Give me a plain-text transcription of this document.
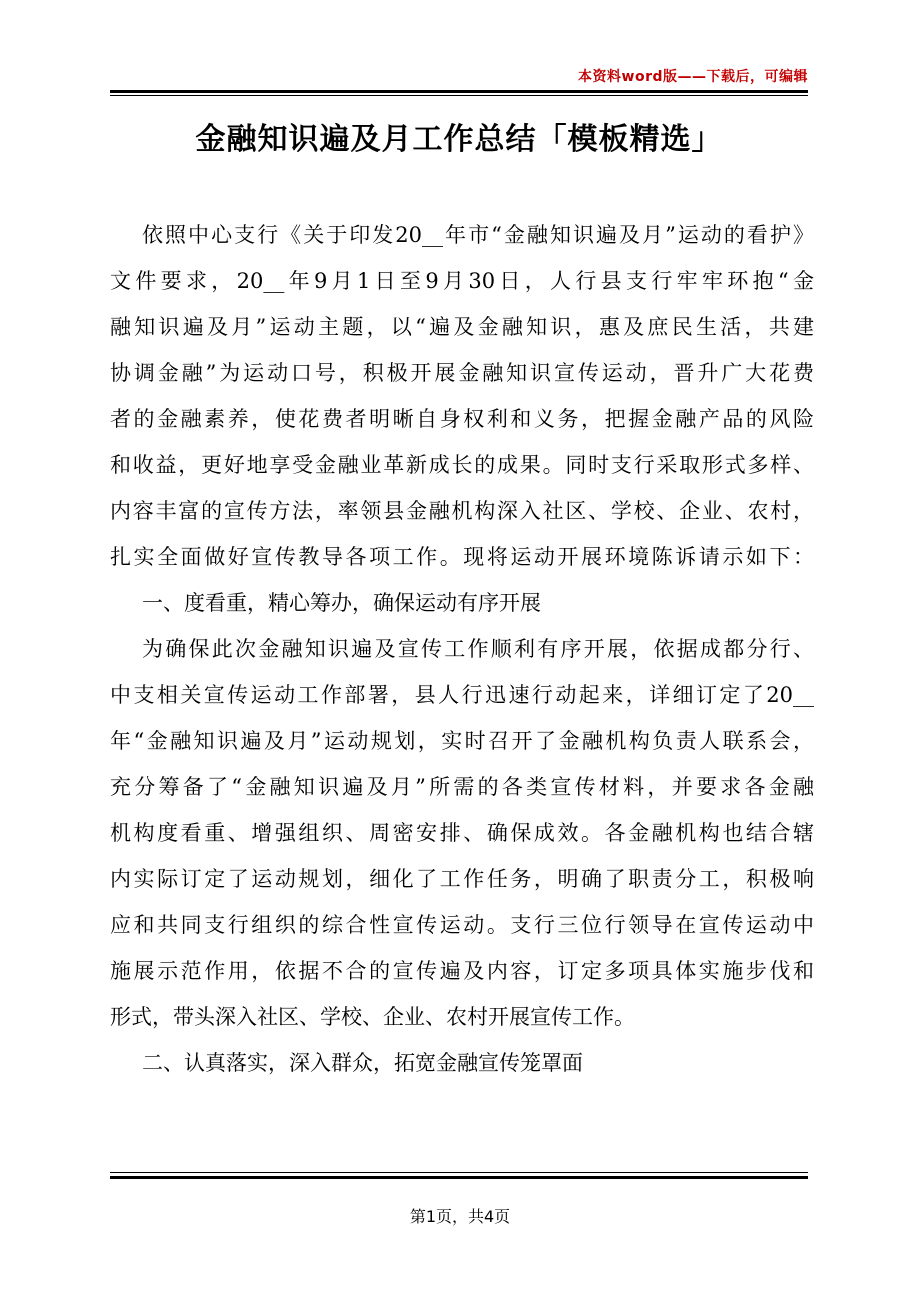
本资料word版——下载后，可编辑
金融知识遍及月工作总结「模板精选」
依照中心支行《关于印发20__年市“金融知识遍及月”运动的看护》
文件要求，20__年9月1日至9月30日，人行县支行牢牢环抱“金
融知识遍及月”运动主题，以“遍及金融知识，惠及庶民生活，共建
协调金融”为运动口号，积极开展金融知识宣传运动，晋升广大花费
者的金融素养，使花费者明晰自身权利和义务，把握金融产品的风险
和收益，更好地享受金融业革新成长的成果。同时支行采取形式多样、
内容丰富的宣传方法，率领县金融机构深入社区、学校、企业、农村，
扎实全面做好宣传教导各项工作。现将运动开展环境陈诉请示如下：
一、度看重，精心筹办，确保运动有序开展
为确保此次金融知识遍及宣传工作顺利有序开展，依据成都分行、
中支相关宣传运动工作部署，县人行迅速行动起来，详细订定了20__
年“金融知识遍及月”运动规划，实时召开了金融机构负责人联系会，
充分筹备了“金融知识遍及月”所需的各类宣传材料，并要求各金融
机构度看重、增强组织、周密安排、确保成效。各金融机构也结合辖
内实际订定了运动规划，细化了工作任务，明确了职责分工，积极响
应和共同支行组织的综合性宣传运动。支行三位行领导在宣传运动中
施展示范作用，依据不合的宣传遍及内容，订定多项具体实施步伐和
形式，带头深入社区、学校、企业、农村开展宣传工作。
二、认真落实，深入群众，拓宽金融宣传笼罩面
第1页，共4页
